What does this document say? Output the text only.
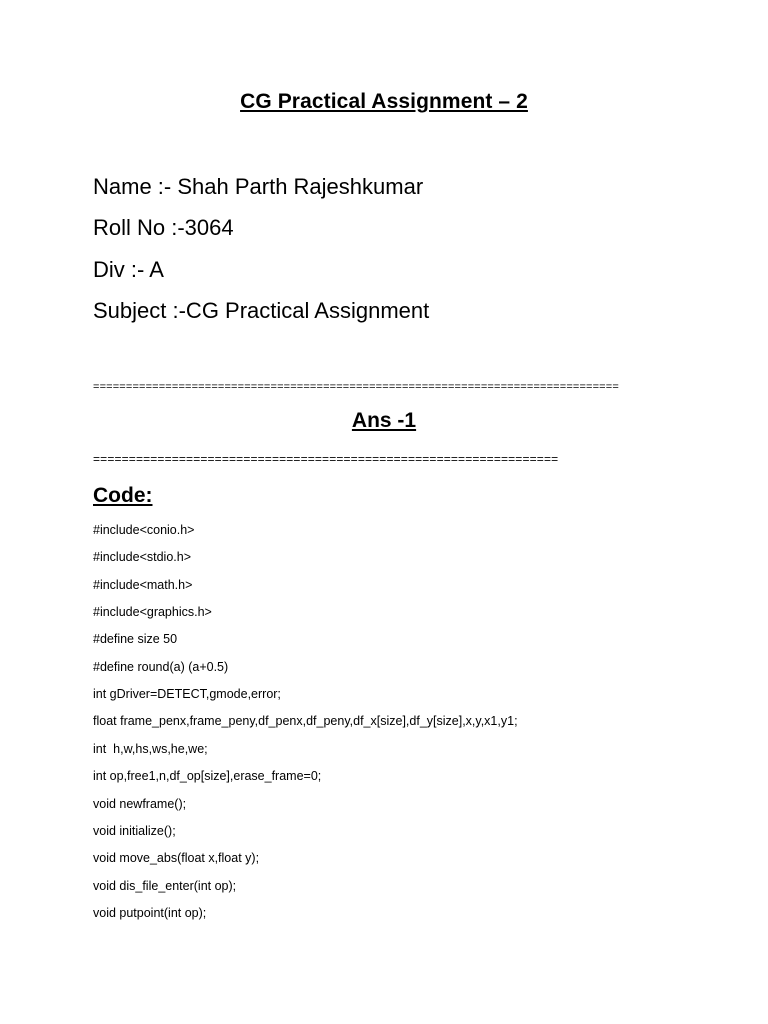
CG Practical Assignment – 2
Name :- Shah Parth Rajeshkumar
Roll No :-3064
Div :- A
Subject :-CG Practical Assignment
================================================================================
Ans -1
=================================================================
Code:
#include<conio.h>
#include<stdio.h>
#include<math.h>
#include<graphics.h>
#define size 50
#define round(a) (a+0.5)
int gDriver=DETECT,gmode,error;
float frame_penx,frame_peny,df_penx,df_peny,df_x[size],df_y[size],x,y,x1,y1;
int  h,w,hs,ws,he,we;
int op,free1,n,df_op[size],erase_frame=0;
void newframe();
void initialize();
void move_abs(float x,float y);
void dis_file_enter(int op);
void putpoint(int op);
